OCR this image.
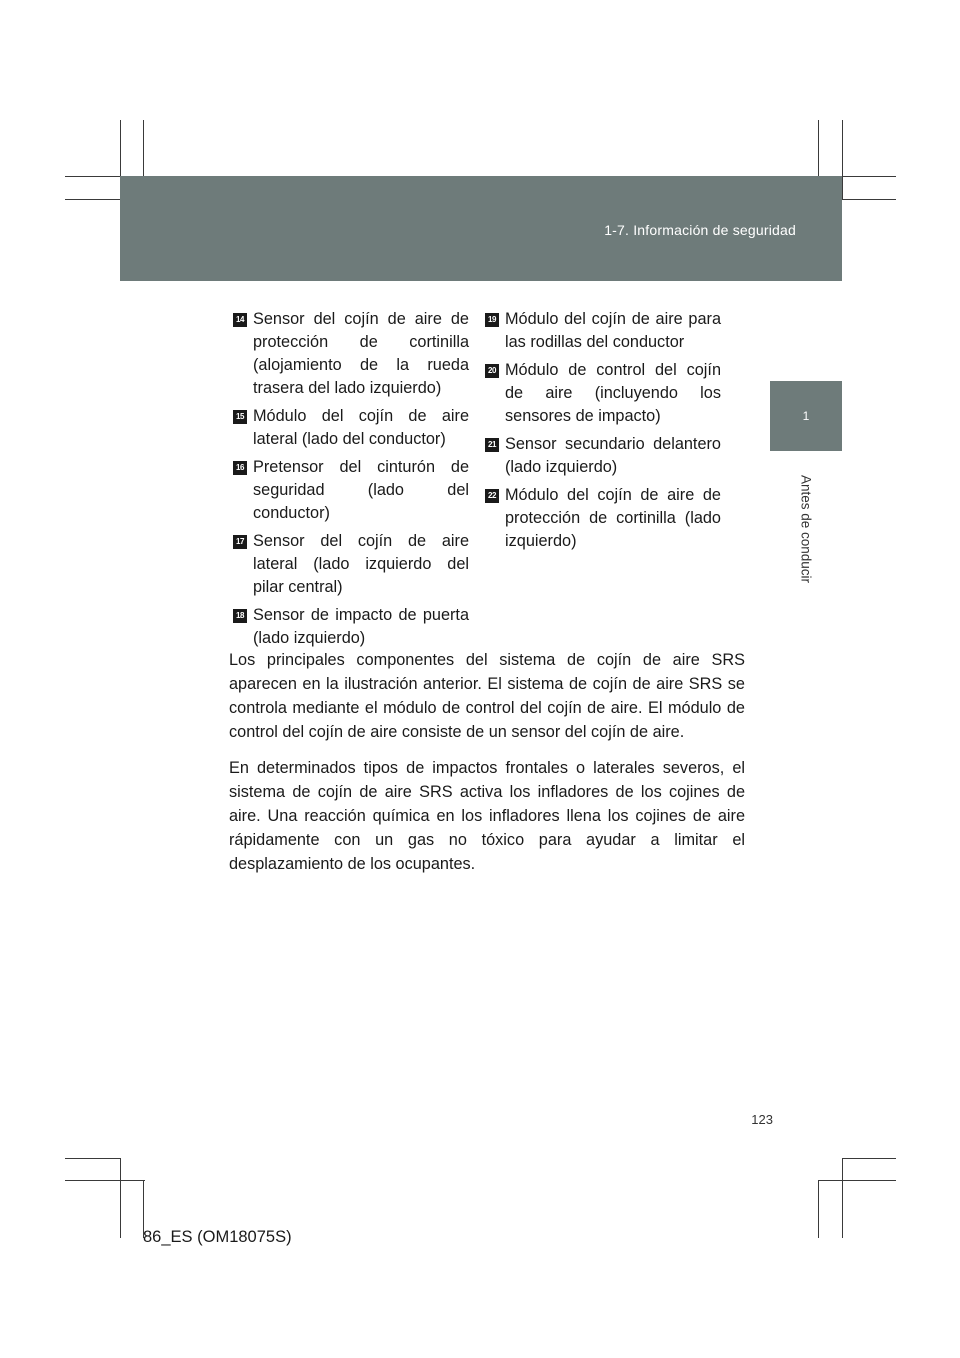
1-7. Información de seguridad
1
Antes de conducir
14 Sensor del cojín de aire de protección de cortinilla (alojamiento de la rueda trasera del lado izquierdo)
15 Módulo del cojín de aire lateral (lado del conductor)
16 Pretensor del cinturón de seguridad (lado del conductor)
17 Sensor del cojín de aire lateral (lado izquierdo del pilar central)
18 Sensor de impacto de puerta (lado izquierdo)
19 Módulo del cojín de aire para las rodillas del conductor
20 Módulo de control del cojín de aire (incluyendo los sensores de impacto)
21 Sensor secundario delantero (lado izquierdo)
22 Módulo del cojín de aire de protección de cortinilla (lado izquierdo)

Los principales componentes del sistema de cojín de aire SRS aparecen en la ilustración anterior. El sistema de cojín de aire SRS se controla mediante el módulo de control del cojín de aire. El módulo de control del cojín de aire consiste de un sensor del cojín de aire.

En determinados tipos de impactos frontales o laterales severos, el sistema de cojín de aire SRS activa los infladores de los cojines de aire. Una reacción química en los infladores llena los cojines de aire rápidamente con un gas no tóxico para ayudar a limitar el desplazamiento de los ocupantes.

123
86_ES (OM18075S)
